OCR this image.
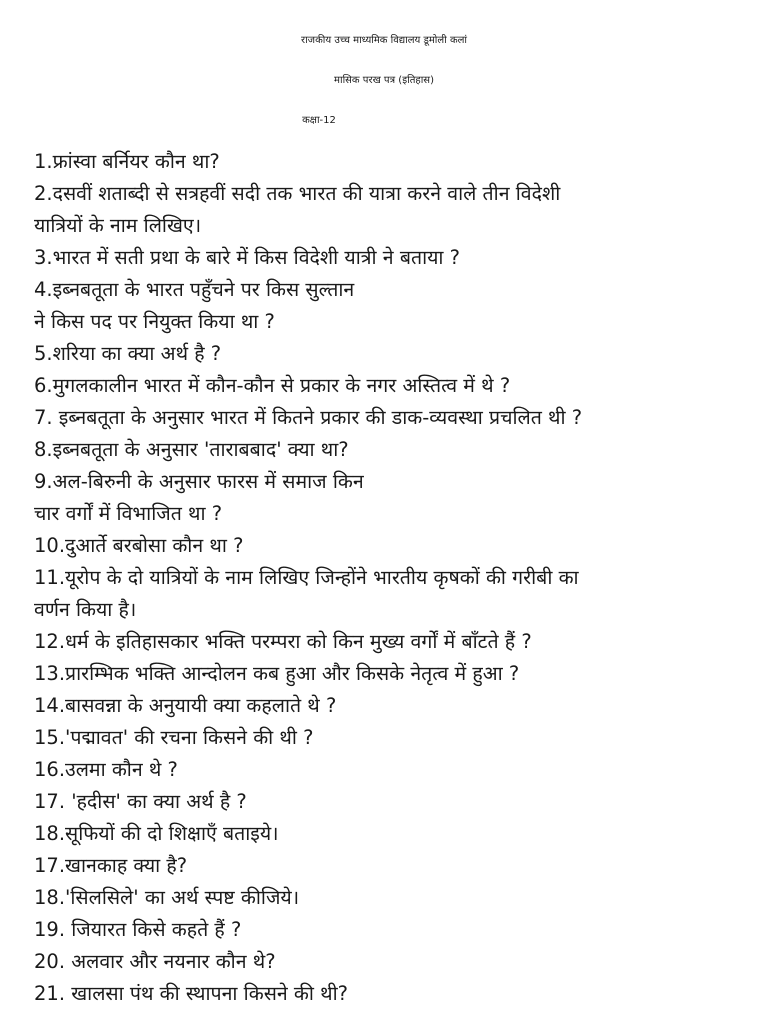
राजकीय उच्च माध्यमिक विद्यालय डूमोली कलां
मासिक परख पत्र (इतिहास)
कक्षा-12
1.फ्रांस्वा बर्नियर कौन था?
2.दसवीं शताब्दी से सत्रहवीं सदी तक भारत की यात्रा करने वाले तीन विदेशी
यात्रियों के नाम लिखिए।
3.भारत में सती प्रथा के बारे में किस विदेशी यात्री ने बताया ?
4.इब्नबतूता के भारत पहुँचने पर किस सुल्तान
ने किस पद पर नियुक्त किया था ?
5.शरिया का क्या अर्थ है ?
6.मुगलकालीन भारत में कौन-कौन से प्रकार के नगर अस्तित्व में थे ?
7. इब्नबतूता के अनुसार भारत में कितने प्रकार की डाक-व्यवस्था प्रचलित थी ?
8.इब्नबतूता के अनुसार 'ताराबबाद' क्या था?
9.अल-बिरुनी के अनुसार फारस में समाज किन
चार वर्गों में विभाजित था ?
10.दुआर्ते बरबोसा कौन था ?
11.यूरोप के दो यात्रियों के नाम लिखिए जिन्होंने भारतीय कृषकों की गरीबी का
वर्णन किया है।
12.धर्म के इतिहासकार भक्ति परम्परा को किन मुख्य वर्गों में बाँटते हैं ?
13.प्रारम्भिक भक्ति आन्दोलन कब हुआ और किसके नेतृत्व में हुआ ?
14.बासवन्ना के अनुयायी क्या कहलाते थे ?
15.'पद्मावत' की रचना किसने की थी ?
16.उलमा कौन थे ?
17. 'हदीस' का क्या अर्थ है ?
18.सूफियों की दो शिक्षाएँ बताइये।
17.खानकाह क्या है?
18.'सिलसिले' का अर्थ स्पष्ट कीजिये।
19. जियारत किसे कहते हैं ?
20. अलवार और नयनार कौन थे?
21. खालसा पंथ की स्थापना किसने की थी?
